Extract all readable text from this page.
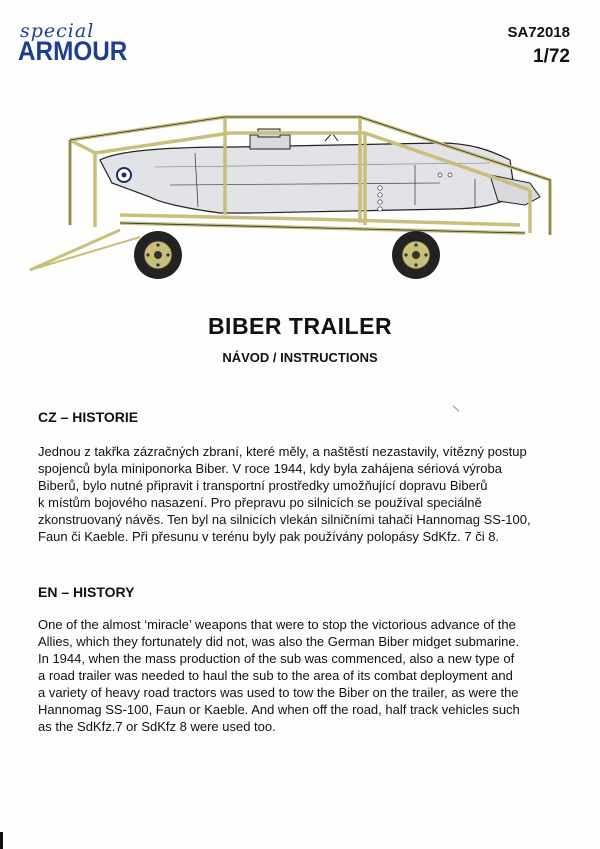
special
ARMOUR
SA72018
1/72
BIBER TRAILER
NÁVOD / INSTRUCTIONS
CZ – HISTORIE
Jednou z takřka zázračných zbraní, které měly, a naštěstí nezastavily, vítězný postup
spojenců byla miniponorka Biber. V roce 1944, kdy byla zahájena sériová výroba
Biberů, bylo nutné připravit i transportní prostředky umožňující dopravu Biberů
k místům bojového nasazení. Pro přepravu po silnicích se používal speciálně
zkonstruovaný návěs. Ten byl na silnicích vlekán silničními tahači Hannomag SS-100,
Faun či Kaeble. Při přesunu v terénu byly pak používány polopásy SdKfz. 7 či 8.
EN – HISTORY
One of the almost ‘miracle’ weapons that were to stop the victorious advance of the
Allies, which they fortunately did not, was also the German Biber midget submarine.
In 1944, when the mass production of the sub was commenced, also a new type of
a road trailer was needed to haul the sub to the area of its combat deployment and
a variety of heavy road tractors was used to tow the Biber on the trailer, as were the
Hannomag SS-100, Faun or Kaeble. And when off the road, half track vehicles such
as the SdKfz.7 or SdKfz 8 were used too.
